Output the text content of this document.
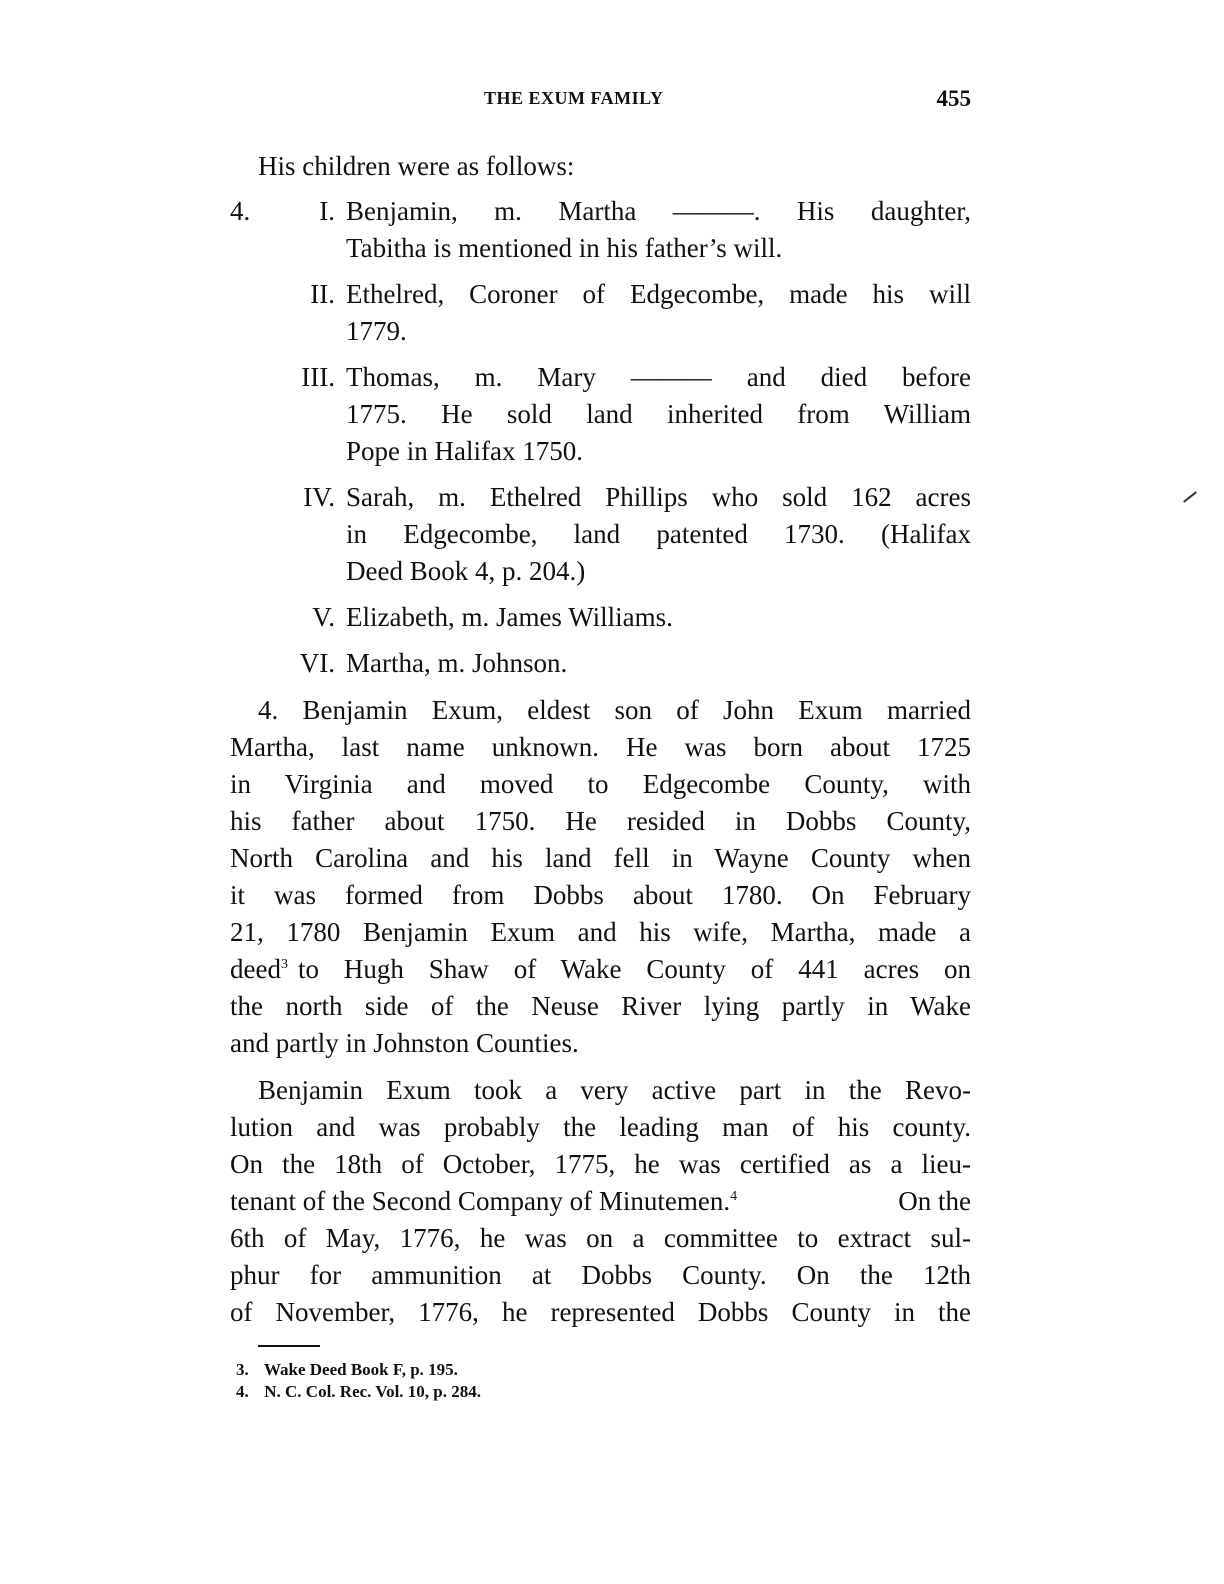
THE EXUM FAMILY	455
His children were as follows:
4.	I. Benjamin, m. Martha ———. His daughter,
Tabitha is mentioned in his father’s will.
II. Ethelred, Coroner of Edgecombe, made his will
1779.
III. Thomas, m. Mary ——— and died before
1775. He sold land inherited from William
Pope in Halifax 1750.
IV. Sarah, m. Ethelred Phillips who sold 162 acres
in Edgecombe, land patented 1730. (Halifax
Deed Book 4, p. 204.)
V. Elizabeth, m. James Williams.
VI. Martha, m. Johnson.
4. Benjamin Exum, eldest son of John Exum married
Martha, last name unknown. He was born about 1725
in Virginia and moved to Edgecombe County, with
his father about 1750. He resided in Dobbs County,
North Carolina and his land fell in Wayne County when
it was formed from Dobbs about 1780. On February
21, 1780 Benjamin Exum and his wife, Martha, made a
deed$^3$ to Hugh Shaw of Wake County of 441 acres on
the north side of the Neuse River lying partly in Wake
and partly in Johnston Counties.
Benjamin Exum took a very active part in the Revo-
lution and was probably the leading man of his county.
On the 18th of October, 1775, he was certified as a lieu-
tenant of the Second Company of Minutemen.$^4$	On the
6th of May, 1776, he was on a committee to extract sul-
phur for ammunition at Dobbs County. On the 12th
of November, 1776, he represented Dobbs County in the
3. Wake Deed Book F, p. 195.
4. N. C. Col. Rec. Vol. 10, p. 284.
